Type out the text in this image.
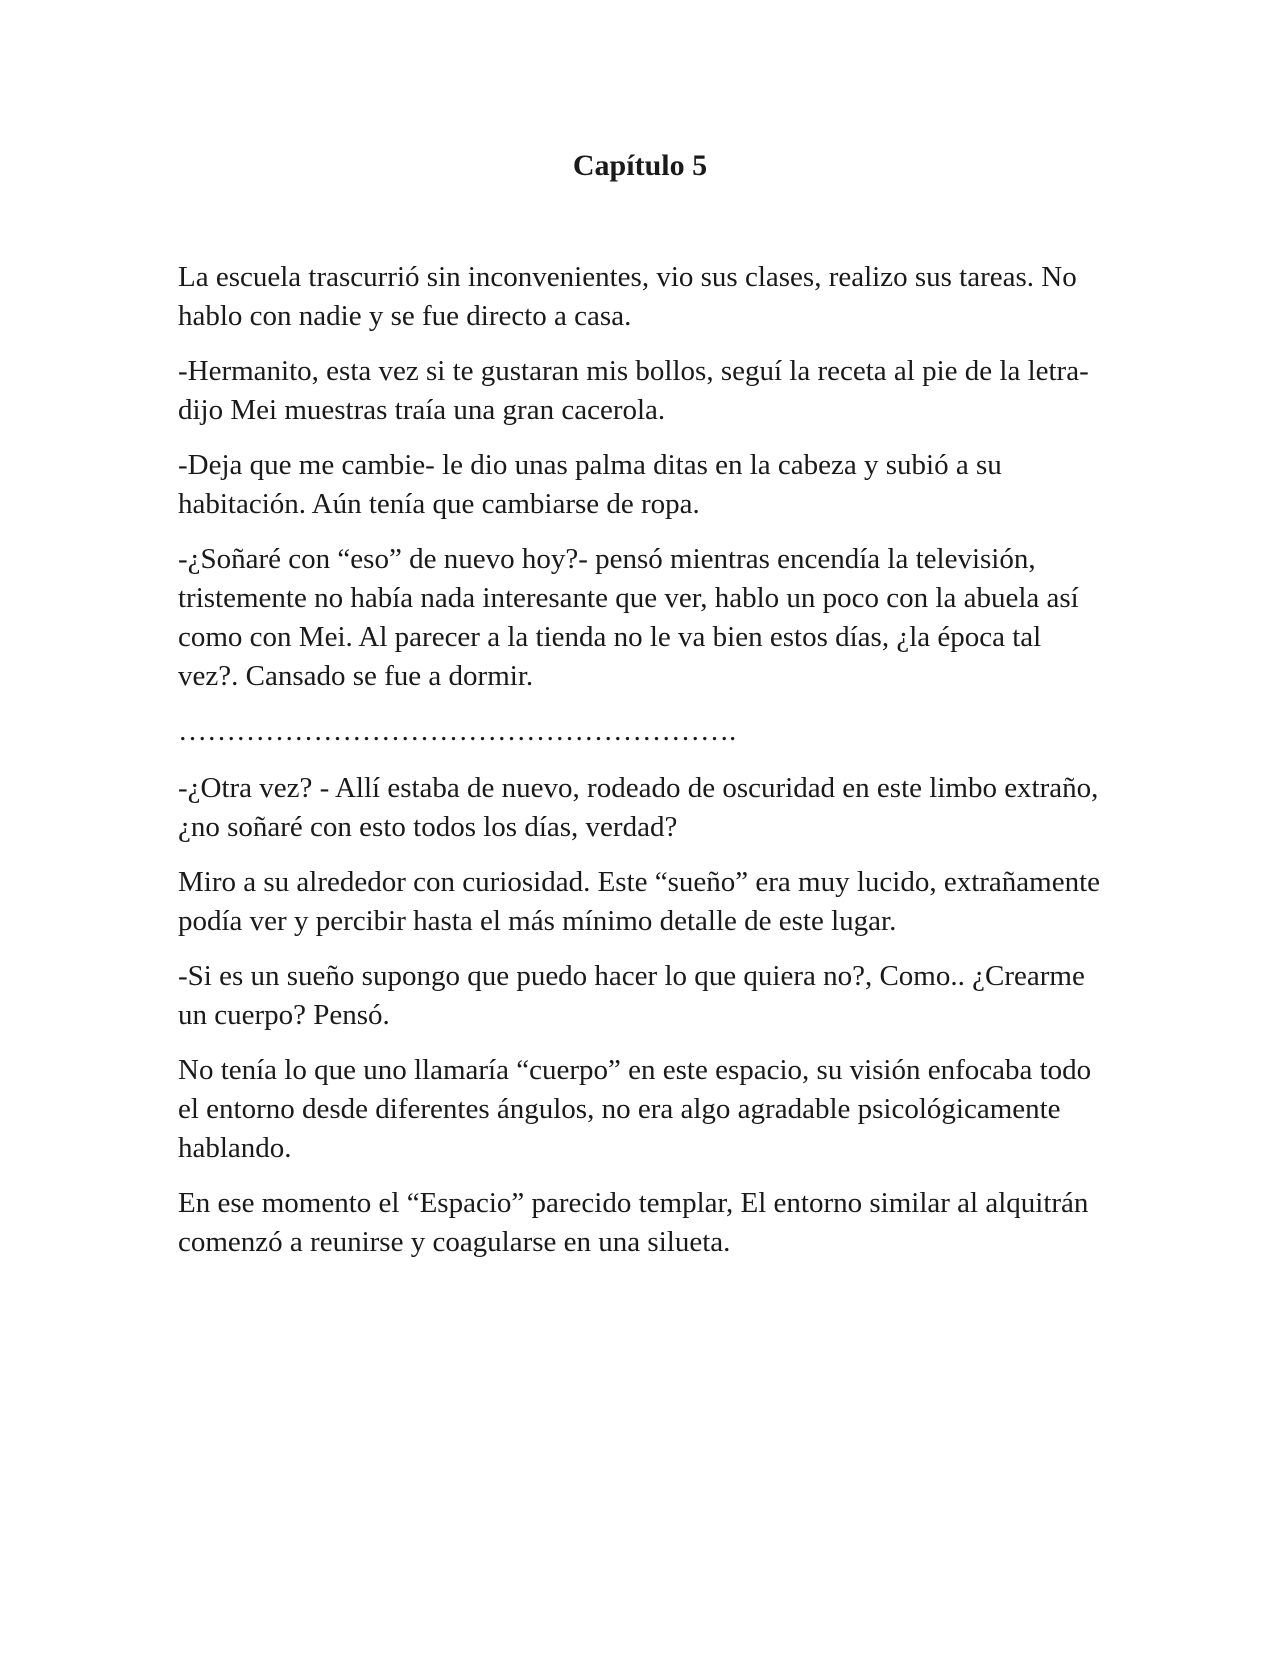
Capítulo 5

La escuela trascurrió sin inconvenientes, vio sus clases, realizo sus tareas. No hablo con nadie y se fue directo a casa.

-Hermanito, esta vez si te gustaran mis bollos, seguí la receta al pie de la letra- dijo Mei muestras traía una gran cacerola.

-Deja que me cambie- le dio unas palma ditas en la cabeza y subió a su habitación. Aún tenía que cambiarse de ropa.

-¿Soñaré con “eso” de nuevo hoy?- pensó mientras encendía la televisión, tristemente no había nada interesante que ver, hablo un poco con la abuela así como con Mei. Al parecer a la tienda no le va bien estos días, ¿la época tal vez?. Cansado se fue a dormir.

………………………………………………….

-¿Otra vez? - Allí estaba de nuevo, rodeado de oscuridad en este limbo extraño, ¿no soñaré con esto todos los días, verdad?

Miro a su alrededor con curiosidad. Este “sueño” era muy lucido, extrañamente podía ver y percibir hasta el más mínimo detalle de este lugar.

-Si es un sueño supongo que puedo hacer lo que quiera no?, Como.. ¿Crearme un cuerpo? Pensó.

No tenía lo que uno llamaría “cuerpo” en este espacio, su visión enfocaba todo el entorno desde diferentes ángulos, no era algo agradable psicológicamente hablando.

En ese momento el “Espacio” parecido templar, El entorno similar al alquitrán comenzó a reunirse y coagularse en una silueta.
